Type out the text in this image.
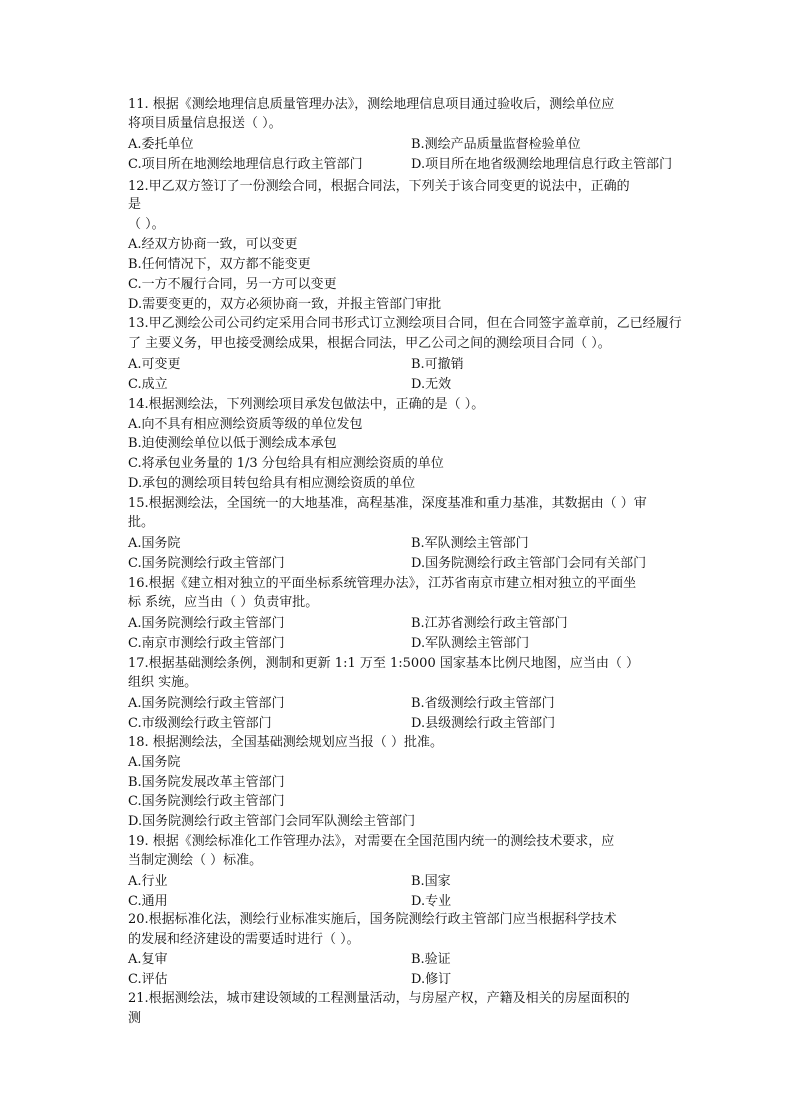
11. 根据《测绘地理信息质量管理办法》，测绘地理信息项目通过验收后，测绘单位应
将项目质量信息报送（ ）。
A.委托单位	B.测绘产品质量监督检验单位
C.项目所在地测绘地理信息行政主管部门	D.项目所在地省级测绘地理信息行政主管部门
12.甲乙双方签订了一份测绘合同，根据合同法，下列关于该合同变更的说法中，正确的
是
（ ）。
A.经双方协商一致，可以变更
B.任何情况下，双方都不能变更
C.一方不履行合同，另一方可以变更
D.需要变更的，双方必须协商一致，并报主管部门审批
13.甲乙测绘公司公司约定采用合同书形式订立测绘项目合同，但在合同签字盖章前，乙已经履行
了 主要义务，甲也接受测绘成果，根据合同法，甲乙公司之间的测绘项目合同（ ）。
A.可变更	B.可撤销
C.成立	D.无效
14.根据测绘法，下列测绘项目承发包做法中，正确的是（ ）。
A.向不具有相应测绘资质等级的单位发包
B.迫使测绘单位以低于测绘成本承包
C.将承包业务量的 1/3 分包给具有相应测绘资质的单位
D.承包的测绘项目转包给具有相应测绘资质的单位
15.根据测绘法，全国统一的大地基准，高程基准，深度基准和重力基准，其数据由（ ）审
批。
A.国务院	B.军队测绘主管部门
C.国务院测绘行政主管部门	D.国务院测绘行政主管部门会同有关部门
16.根据《建立相对独立的平面坐标系统管理办法》，江苏省南京市建立相对独立的平面坐
标 系统，应当由（ ）负责审批。
A.国务院测绘行政主管部门	B.江苏省测绘行政主管部门
C.南京市测绘行政主管部门	D.军队测绘主管部门
17.根据基础测绘条例，测制和更新 1:1 万至 1:5000 国家基本比例尺地图，应当由（ ）
组织 实施。
A.国务院测绘行政主管部门	B.省级测绘行政主管部门
C.市级测绘行政主管部门	D.县级测绘行政主管部门
18. 根据测绘法，全国基础测绘规划应当报（ ）批准。
A.国务院
B.国务院发展改革主管部门
C.国务院测绘行政主管部门
D.国务院测绘行政主管部门会同军队测绘主管部门
19. 根据《测绘标准化工作管理办法》，对需要在全国范围内统一的测绘技术要求，应
当制定测绘（ ）标准。
A.行业	B.国家
C.通用	D.专业
20.根据标准化法，测绘行业标准实施后，国务院测绘行政主管部门应当根据科学技术
的发展和经济建设的需要适时进行（ ）。
A.复审	B.验证
C.评估	D.修订
21.根据测绘法，城市建设领域的工程测量活动，与房屋产权，产籍及相关的房屋面积的
测
